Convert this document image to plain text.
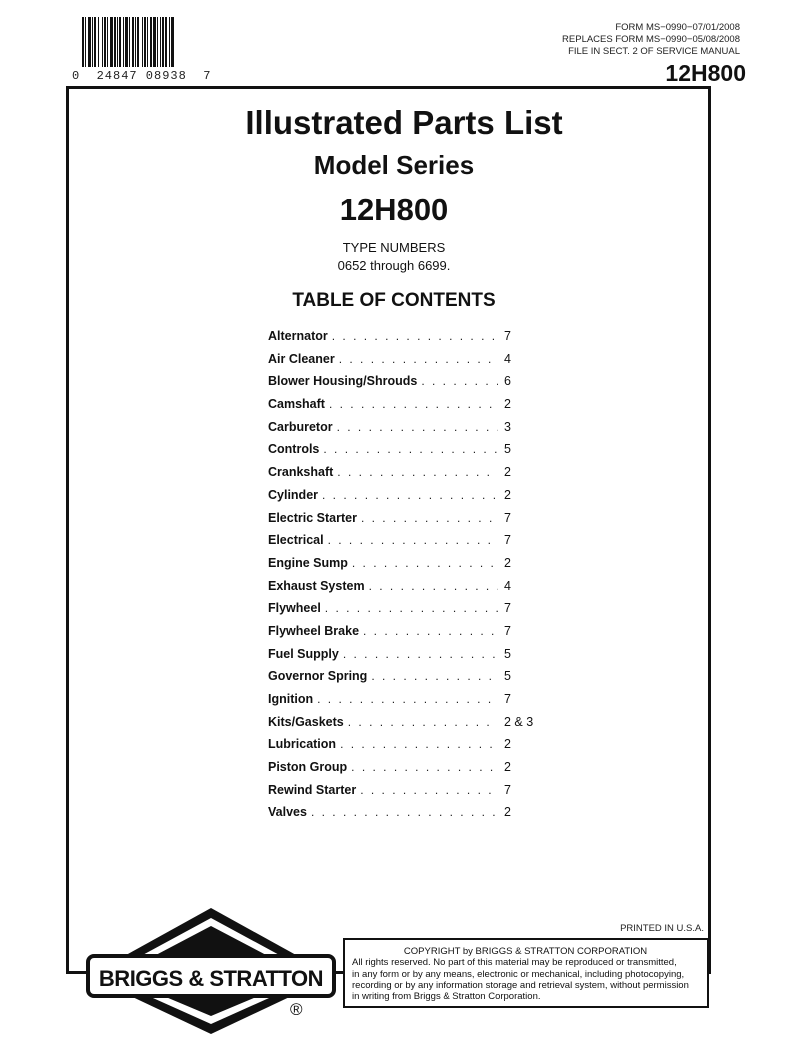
0  24847 08938  7
FORM MS−0990−07/01/2008
REPLACES FORM MS−0990−05/08/2008
FILE IN SECT. 2 OF SERVICE MANUAL
12H800
Illustrated Parts List
Model Series
12H800
TYPE NUMBERS
0652 through 6699.
TABLE OF CONTENTS
Alternator . . .	7
Air Cleaner . . .	4
Blower Housing/Shrouds . . .	6
Camshaft . . .	2
Carburetor . . .	3
Controls . . .	5
Crankshaft . . .	2
Cylinder . . .	2
Electric Starter . . .	7
Electrical . . .	7
Engine Sump . . .	2
Exhaust System . . .	4
Flywheel . . .	7
Flywheel Brake . . .	7
Fuel Supply . . .	5
Governor Spring . . .	5
Ignition . . .	7
Kits/Gaskets . . .	2 & 3
Lubrication . . .	2
Piston Group . . .	2
Rewind Starter . . .	7
Valves . . .	2
PRINTED IN U.S.A.
COPYRIGHT by BRIGGS & STRATTON CORPORATION
All rights reserved. No part of this material may be reproduced or transmitted,
in any form or by any means, electronic or mechanical, including photocopying,
recording or by any information storage and retrieval system, without permission
in writing from Briggs & Stratton Corporation.
BRIGGS & STRATTON
®
